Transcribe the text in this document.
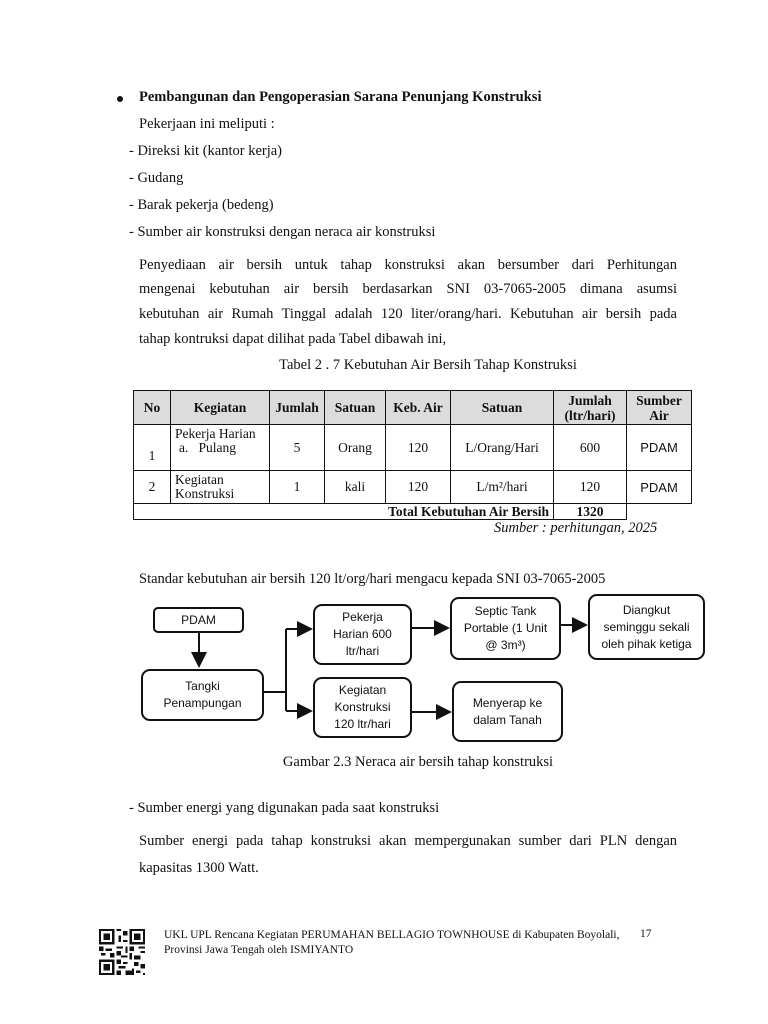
Pembangunan dan Pengoperasian Sarana Penunjang Konstruksi
Pekerjaan ini meliputi :
- Direksi kit (kantor kerja)
- Gudang
- Barak pekerja (bedeng)
- Sumber air konstruksi dengan neraca air konstruksi
Penyediaan air bersih untuk tahap konstruksi akan bersumber dari Perhitungan
mengenai kebutuhan air bersih berdasarkan SNI 03-7065-2005 dimana asumsi
kebutuhan air Rumah Tinggal adalah 120 liter/orang/hari. Kebutuhan air bersih pada
tahap kontruksi dapat dilihat pada Tabel dibawah ini,
Tabel 2 . 7 Kebutuhan Air Bersih Tahap Konstruksi
No	Kegiatan	Jumlah	Satuan	Keb. Air	Satuan	Jumlah (ltr/hari)	Sumber Air
1	Pekerja Harian
a.   Pulang	5	Orang	120	L/Orang/Hari	600	PDAM
2	Kegiatan Konstruksi	1	kali	120	L/m²/hari	120	PDAM
Total Kebutuhan Air Bersih						1320	
Sumber : perhitungan, 2025
Standar kebutuhan air bersih 120 lt/org/hari mengacu kepada SNI 03-7065-2005
PDAM
Tangki Penampungan
Pekerja Harian 600 ltr/hari
Kegiatan Konstruksi 120 ltr/hari
Septic Tank Portable (1 Unit @ 3m³)
Diangkut seminggu sekali oleh pihak ketiga
Menyerap ke dalam Tanah
Gambar 2.3 Neraca air bersih tahap konstruksi
- Sumber energi yang digunakan pada saat konstruksi
Sumber energi pada tahap konstruksi akan mempergunakan sumber dari PLN dengan
kapasitas 1300 Watt.
UKL UPL Rencana Kegiatan PERUMAHAN BELLAGIO TOWNHOUSE di Kabupaten Boyolali,
Provinsi Jawa Tengah oleh ISMIYANTO
17
